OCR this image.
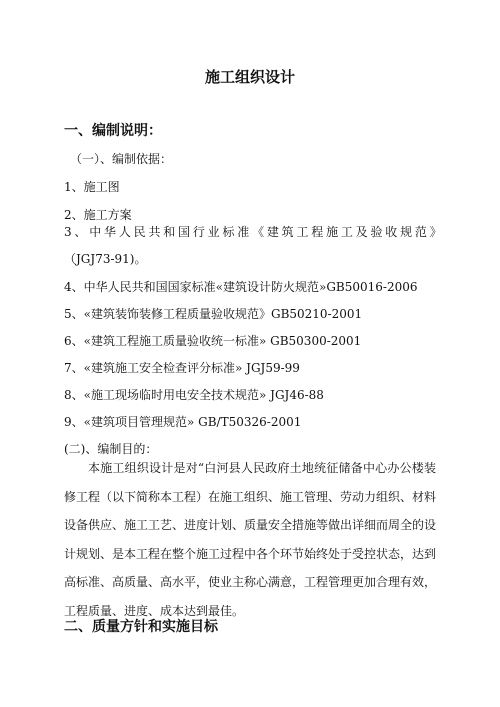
施工组织设计
一、编制说明：
（一）、编制依据：
1、施工图
2、施工方案
3、中华人民共和国行业标准《建筑工程施工及验收规范》
（JGJ73-91)。
4、中华人民共和国国家标准«建筑设计防火规范»GB50016-2006
5、«建筑装饰装修工程质量验收规范》GB50210-2001
6、«建筑工程施工质量验收统一标准» GB50300-2001
7、«建筑施工安全检查评分标准» JGJ59-99
8、«施工现场临时用电安全技术规范» JGJ46-88
9、«建筑项目管理规范» GB/T50326-2001
(二)、编制目的：
本施工组织设计是对“白河县人民政府土地统征储备中心办公楼装修工程（以下简称本工程）在施工组织、施工管理、劳动力组织、材料设备供应、施工工艺、进度计划、质量安全措施等做出详细而周全的设计规划、是本工程在整个施工过程中各个环节始终处于受控状态，达到高标准、高质量、高水平，使业主称心满意，工程管理更加合理有效，工程质量、进度、成本达到最佳。
二、质量方针和实施目标
